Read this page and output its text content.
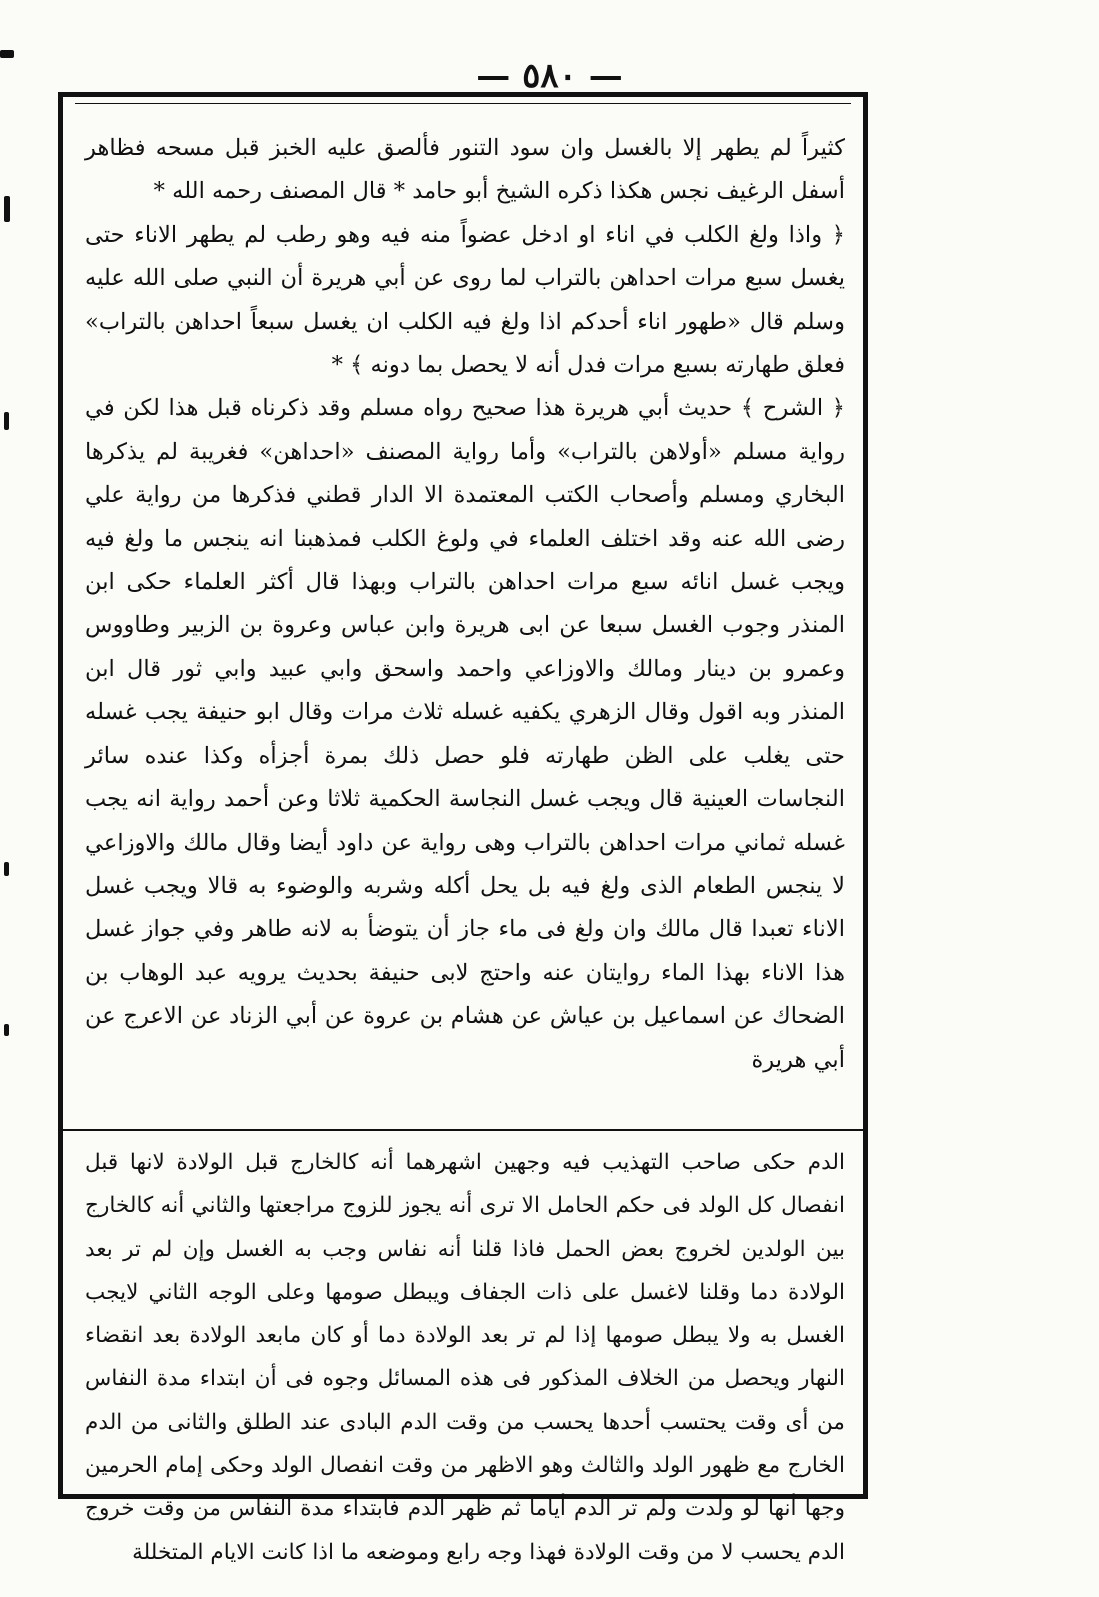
— ٥٨٠ —

كثيراً لم يطهر إلا بالغسل وان سود التنور فألصق عليه الخبز قبل مسحه فظاهر أسفل الرغيف نجس هكذا ذكره الشيخ أبو حامد * قال المصنف رحمه الله *

﴿ واذا ولغ الكلب في اناء او ادخل عضواً منه فيه وهو رطب لم يطهر الاناء حتى يغسل سبع مرات احداهن بالتراب لما روى عن أبي هريرة أن النبي صلى الله عليه وسلم قال «طهور اناء أحدكم اذا ولغ فيه الكلب ان يغسل سبعاً احداهن بالتراب» فعلق طهارته بسبع مرات فدل أنه لا يحصل بما دونه ﴾ *

﴿ الشرح ﴾ حديث أبي هريرة هذا صحيح رواه مسلم وقد ذكرناه قبل هذا لكن في رواية مسلم «أولاهن بالتراب» وأما رواية المصنف «احداهن» فغريبة لم يذكرها البخاري ومسلم وأصحاب الكتب المعتمدة الا الدار قطني فذكرها من رواية علي رضى الله عنه وقد اختلف العلماء في ولوغ الكلب فمذهبنا انه ينجس ما ولغ فيه ويجب غسل انائه سبع مرات احداهن بالتراب وبهذا قال أكثر العلماء حكى ابن المنذر وجوب الغسل سبعا عن ابى هريرة وابن عباس وعروة بن الزبير وطاووس وعمرو بن دينار ومالك والاوزاعي واحمد واسحق وابي عبيد وابي ثور قال ابن المنذر وبه اقول وقال الزهري يكفيه غسله ثلاث مرات وقال ابو حنيفة يجب غسله حتى يغلب على الظن طهارته فلو حصل ذلك بمرة أجزأه وكذا عنده سائر النجاسات العينية قال ويجب غسل النجاسة الحكمية ثلاثا وعن أحمد رواية انه يجب غسله ثماني مرات احداهن بالتراب وهى رواية عن داود أيضا وقال مالك والاوزاعي لا ينجس الطعام الذى ولغ فيه بل يحل أكله وشربه والوضوء به قالا ويجب غسل الاناء تعبدا قال مالك وان ولغ فى ماء جاز أن يتوضأ به لانه طاهر وفي جواز غسل هذا الاناء بهذا الماء روايتان عنه واحتج لابى حنيفة بحديث يرويه عبد الوهاب بن الضحاك عن اسماعيل بن عياش عن هشام بن عروة عن أبي الزناد عن الاعرج عن أبي هريرة

الدم حكى صاحب التهذيب فيه وجهين اشهرهما أنه كالخارج قبل الولادة لانها قبل انفصال كل الولد فى حكم الحامل الا ترى أنه يجوز للزوج مراجعتها والثاني أنه كالخارج بين الولدين لخروج بعض الحمل فاذا قلنا أنه نفاس وجب به الغسل وإن لم تر بعد الولادة دما وقلنا لاغسل على ذات الجفاف ويبطل صومها وعلى الوجه الثاني لايجب الغسل به ولا يبطل صومها إذا لم تر بعد الولادة دما أو كان مابعد الولادة بعد انقضاء النهار ويحصل من الخلاف المذكور فى هذه المسائل وجوه فى أن ابتداء مدة النفاس من أى وقت يحتسب أحدها يحسب من وقت الدم البادى عند الطلق والثانى من الدم الخارج مع ظهور الولد والثالث وهو الاظهر من وقت انفصال الولد وحكى إمام الحرمين وجها أنها لو ولدت ولم تر الدم أياما ثم ظهر الدم فابتداء مدة النفاس من وقت خروج الدم يحسب لا من وقت الولادة فهذا وجه رابع وموضعه ما اذا كانت الايام المتخللة
